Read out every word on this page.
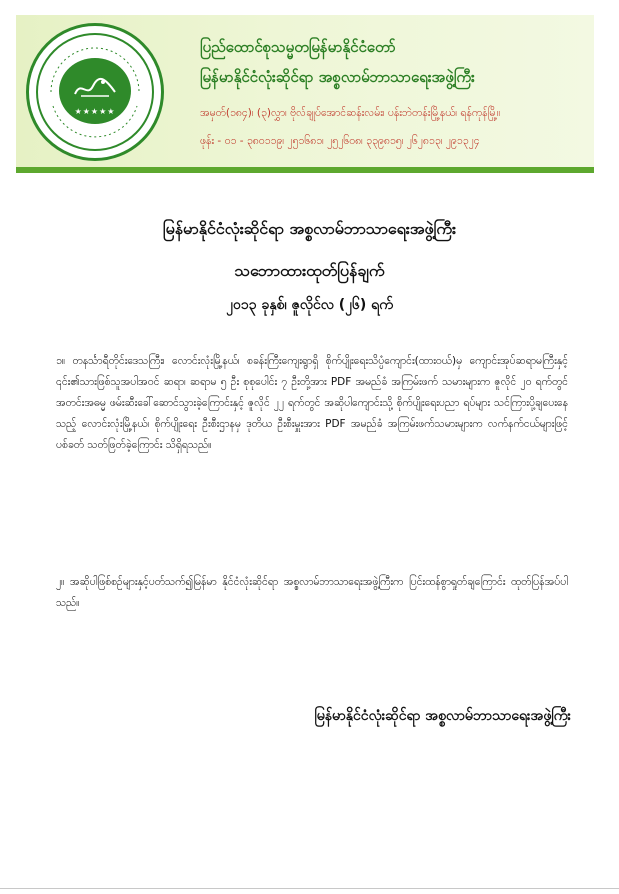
★★★★★
ပြည်ထောင်စုသမ္မတမြန်မာနိုင်ငံတော်
မြန်မာနိုင်ငံလုံးဆိုင်ရာ အစ္စလာမ်ဘာသာရေးအဖွဲ့ကြီး
အမှတ်(၁၈၄)၊ (၃)လွှာ၊ ဗိုလ်ချုပ်အောင်ဆန်းလမ်း၊ ပန်းဘဲတန်းမြို့နယ်၊ ရန်ကုန်မြို့။
ဖုန်း - ၀၁ - ၃၈၀၁၁၉၊ ၂၅၁၆၈၁၊ ၂၅၂၆၀၈၊ ၃၃၉၈၁၅၊ ၂၆၂၈၁၃၊ ၂၉၁၃၂၄
မြန်မာနိုင်ငံလုံးဆိုင်ရာ အစ္စလာမ်ဘာသာရေးအဖွဲ့ကြီး
သဘောထားထုတ်ပြန်ချက်
၂၀၁၃ ခုနှစ်၊ ဇူလိုင်လ (၂၆) ရက်
၁။ တနင်္သာရီတိုင်းဒေသကြီး၊ လောင်းလုံးမြို့နယ်၊ စခန်းကြီးကျေးရွာရှိ စိုက်ပျိုးရေးသိပ္ပံကျောင်း(ထားဝယ်)မှ ကျောင်းအုပ်ဆရာမကြီးနှင့် ၎င်း၏သားဖြစ်သူအပါအဝင် ဆရာ၊ ဆရာမ ၅ ဦး စုစုပေါင်း ၇ ဦးတို့အား PDF အမည်ခံ အကြမ်းဖက် သမားများက ဇူလိုင် ၂၀ ရက်တွင် အတင်းအဓမ္မ ဖမ်းဆီးခေါ်ဆောင်သွားခဲ့ကြောင်းနှင့် ဇူလိုင် ၂၂ ရက်တွင် အဆိုပါကျောင်းသို့ စိုက်ပျိုးရေးပညာ ရပ်များ သင်ကြားပို့ချပေးနေသည့် လောင်းလုံးမြို့နယ်၊ စိုက်ပျိုးရေး ဦးစီးဌာနမှ ဒုတိယ ဦးစီးမှူးအား PDF အမည်ခံ အကြမ်းဖက်သမားများက လက်နက်ငယ်များဖြင့် ပစ်ခတ် သတ်ဖြတ်ခဲ့ကြောင်း သိရှိရသည်။
၂။ အဆိုပါဖြစ်စဉ်များနှင့်ပတ်သက်၍မြန်မာ နိုင်ငံလုံးဆိုင်ရာ အစ္စလာမ်ဘာသာရေးအဖွဲ့ကြီးက ပြင်းထန်စွာရှုတ်ချကြောင်း ထုတ်ပြန်အပ်ပါ သည်။
မြန်မာနိုင်ငံလုံးဆိုင်ရာ အစ္စလာမ်ဘာသာရေးအဖွဲ့ကြီး
